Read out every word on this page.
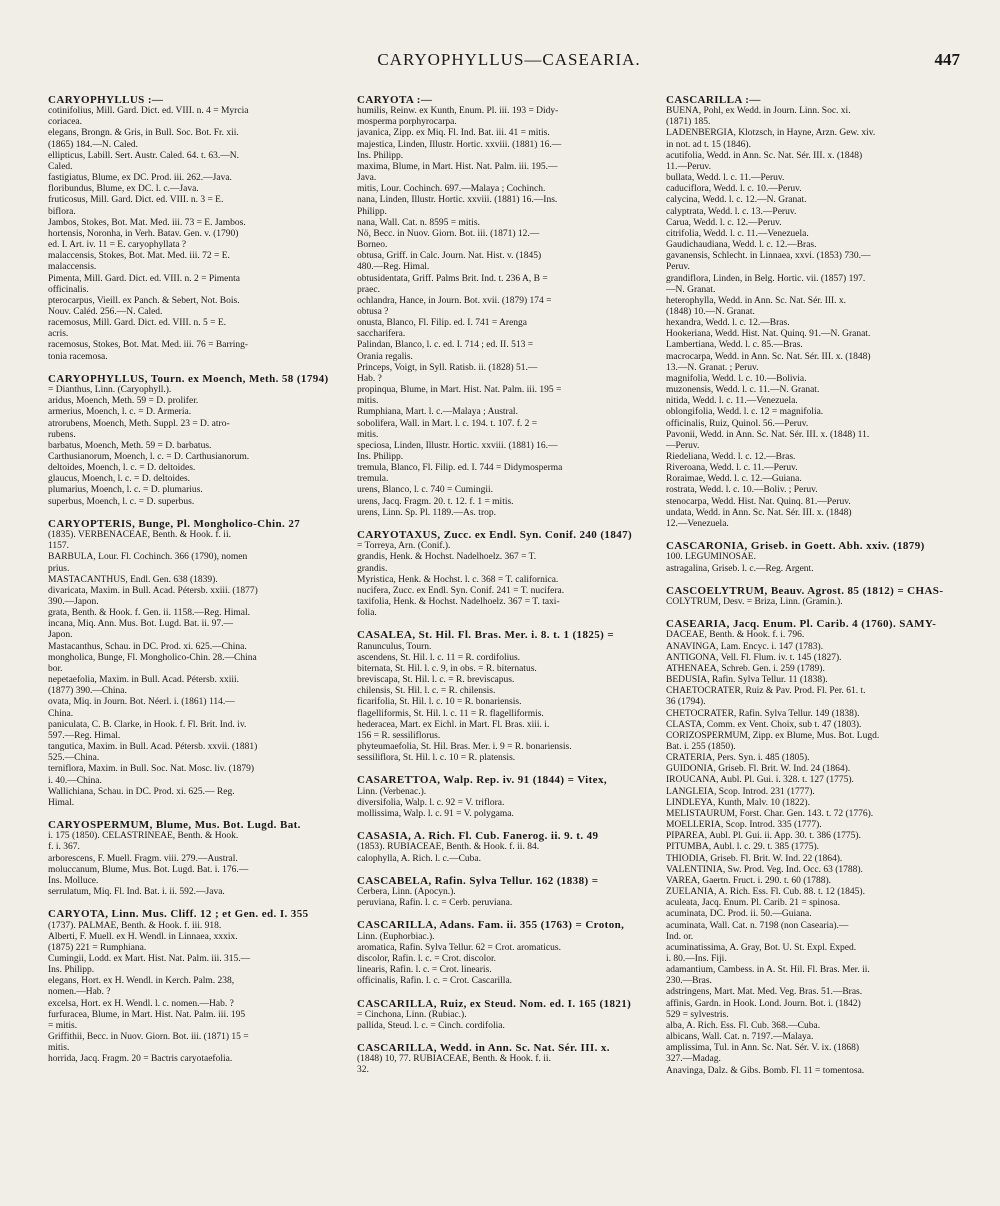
CARYOPHYLLUS—CASEARIA.	447
CARYOPHYLLUS :—
cotinifolius, Mill. Gard. Dict. ed. VIII. n. 4 = Myrcia
coriacea.
elegans, Brongn. & Gris, in Bull. Soc. Bot. Fr. xii.
(1865) 184.—N. Caled.
ellipticus, Labill. Sert. Austr. Caled. 64. t. 63.—N.
Caled.
fastigiatus, Blume, ex DC. Prod. iii. 262.—Java.
floribundus, Blume, ex DC. l. c.—Java.
fruticosus, Mill. Gard. Dict. ed. VIII. n. 3 = E.
biflora.
Jambos, Stokes, Bot. Mat. Med. iii. 73 = E. Jambos.
hortensis, Noronha, in Verh. Batav. Gen. v. (1790)
ed. I. Art. iv. 11 = E. caryophyllata ?
malaccensis, Stokes, Bot. Mat. Med. iii. 72 = E.
malaccensis.
Pimenta, Mill. Gard. Dict. ed. VIII. n. 2 = Pimenta
officinalis.
pterocarpus, Vieill. ex Panch. & Sebert, Not. Bois.
Nouv. Caléd. 256.—N. Caled.
racemosus, Mill. Gard. Dict. ed. VIII. n. 5 = E.
acris.
racemosus, Stokes, Bot. Mat. Med. iii. 76 = Barring-
tonia racemosa.
CARYOPHYLLUS, Tourn. ex Moench, Meth. 58 (1794)
= Dianthus, Linn. (Caryophyll.).
aridus, Moench, Meth. 59 = D. prolifer.
armerius, Moench, l. c. = D. Armeria.
atrorubens, Moench, Meth. Suppl. 23 = D. atro-
rubens.
barbatus, Moench, Meth. 59 = D. barbatus.
Carthusianorum, Moench, l. c. = D. Carthusianorum.
deltoides, Moench, l. c. = D. deltoides.
glaucus, Moench, l. c. = D. deltoides.
plumarius, Moench, l. c. = D. plumarius.
superbus, Moench, l. c. = D. superbus.
CARYOPTERIS, Bunge, Pl. Mongholico-Chin. 27
(1835). VERBENACEAE, Benth. & Hook. f. ii.
1157.
BARBULA, Lour. Fl. Cochinch. 366 (1790), nomen
prius.
MASTACANTHUS, Endl. Gen. 638 (1839).
divaricata, Maxim. in Bull. Acad. Pétersb. xxiii. (1877)
390.—Japon.
grata, Benth. & Hook. f. Gen. ii. 1158.—Reg. Himal.
incana, Miq. Ann. Mus. Bot. Lugd. Bat. ii. 97.—
Japon.
Mastacanthus, Schau. in DC. Prod. xi. 625.—China.
mongholica, Bunge, Fl. Mongholico-Chin. 28.—China
bor.
nepetaefolia, Maxim. in Bull. Acad. Pétersb. xxiii.
(1877) 390.—China.
ovata, Miq. in Journ. Bot. Néerl. i. (1861) 114.—
China.
paniculata, C. B. Clarke, in Hook. f. Fl. Brit. Ind. iv.
597.—Reg. Himal.
tangutica, Maxim. in Bull. Acad. Pétersb. xxvii. (1881)
525.—China.
terniflora, Maxim. in Bull. Soc. Nat. Mosc. liv. (1879)
i. 40.—China.
Wallichiana, Schau. in DC. Prod. xi. 625.— Reg.
Himal.
CARYOSPERMUM, Blume, Mus. Bot. Lugd. Bat.
i. 175 (1850). CELASTRINEAE, Benth. & Hook.
f. i. 367.
arborescens, F. Muell. Fragm. viii. 279.—Austral.
moluccanum, Blume, Mus. Bot. Lugd. Bat. i. 176.—
Ins. Molluce.
serrulatum, Miq. Fl. Ind. Bat. i. ii. 592.—Java.
CARYOTA, Linn. Mus. Cliff. 12 ; et Gen. ed. I. 355
(1737). PALMAE, Benth. & Hook. f. iii. 918.
Alberti, F. Muell. ex H. Wendl. in Linnaea, xxxix.
(1875) 221 = Rumphiana.
Cumingii, Lodd. ex Mart. Hist. Nat. Palm. iii. 315.—
Ins. Philipp.
elegans, Hort. ex H. Wendl. in Kerch. Palm. 238,
nomen.—Hab. ?
excelsa, Hort. ex H. Wendl. l. c. nomen.—Hab. ?
furfuracea, Blume, in Mart. Hist. Nat. Palm. iii. 195
= mitis.
Griffithii, Becc. in Nuov. Giorn. Bot. iii. (1871) 15 =
mitis.
horrida, Jacq. Fragm. 20 = Bactris caryotaefolia.
CARYOTA :—
humilis, Reinw. ex Kunth, Enum. Pl. iii. 193 = Didy-
mosperma porphyrocarpa.
javanica, Zipp. ex Miq. Fl. Ind. Bat. iii. 41 = mitis.
majestica, Linden, Illustr. Hortic. xxviii. (1881) 16.—
Ins. Philipp.
maxima, Blume, in Mart. Hist. Nat. Palm. iii. 195.—
Java.
mitis, Lour. Cochinch. 697.—Malaya ; Cochinch.
nana, Linden, Illustr. Hortic. xxviii. (1881) 16.—Ins.
Philipp.
nana, Wall. Cat. n. 8595 = mitis.
Nö, Becc. in Nuov. Giorn. Bot. iii. (1871) 12.—
Borneo.
obtusa, Griff. in Calc. Journ. Nat. Hist. v. (1845)
480.—Reg. Himal.
obtusidentata, Griff. Palms Brit. Ind. t. 236 A, B =
praec.
ochlandra, Hance, in Journ. Bot. xvii. (1879) 174 =
obtusa ?
onusta, Blanco, Fl. Filip. ed. I. 741 = Arenga
saccharifera.
Palindan, Blanco, l. c. ed. I. 714 ; ed. II. 513 =
Orania regalis.
Princeps, Voigt, in Syll. Ratisb. ii. (1828) 51.—
Hab. ?
propinqua, Blume, in Mart. Hist. Nat. Palm. iii. 195 =
mitis.
Rumphiana, Mart. l. c.—Malaya ; Austral.
sobolifera, Wall. in Mart. l. c. 194. t. 107. f. 2 =
mitis.
speciosa, Linden, Illustr. Hortic. xxviii. (1881) 16.—
Ins. Philipp.
tremula, Blanco, Fl. Filip. ed. I. 744 = Didymosperma
tremula.
urens, Blanco, l. c. 740 = Cumingii.
urens, Jacq. Fragm. 20. t. 12. f. 1 = mitis.
urens, Linn. Sp. Pl. 1189.—As. trop.
CARYOTAXUS, Zucc. ex Endl. Syn. Conif. 240 (1847)
= Torreya, Arn. (Conif.).
grandis, Henk. & Hochst. Nadelhoelz. 367 = T.
grandis.
Myristica, Henk. & Hochst. l. c. 368 = T. californica.
nucifera, Zucc. ex Endl. Syn. Conif. 241 = T. nucifera.
taxifolia, Henk. & Hochst. Nadelhoelz. 367 = T. taxi-
folia.
CASALEA, St. Hil. Fl. Bras. Mer. i. 8. t. 1 (1825) =
Ranunculus, Tourn.
ascendens, St. Hil. l. c. 11 = R. cordifolius.
biternata, St. Hil. l. c. 9, in obs. = R. biternatus.
breviscapa, St. Hil. l. c. = R. breviscapus.
chilensis, St. Hil. l. c. = R. chilensis.
ficarifolia, St. Hil. l. c. 10 = R. bonariensis.
flagelliformis, St. Hil. l. c. 11 = R. flagelliformis.
hederacea, Mart. ex Eichl. in Mart. Fl. Bras. xiii. i.
156 = R. sessiliflorus.
phyteumaefolia, St. Hil. Bras. Mer. i. 9 = R. bonariensis.
sessiliflora, St. Hil. l. c. 10 = R. platensis.
CASARETTOA, Walp. Rep. iv. 91 (1844) = Vitex,
Linn. (Verbenac.).
diversifolia, Walp. l. c. 92 = V. triflora.
mollissima, Walp. l. c. 91 = V. polygama.
CASASIA, A. Rich. Fl. Cub. Fanerog. ii. 9. t. 49
(1853). RUBIACEAE, Benth. & Hook. f. ii. 84.
calophylla, A. Rich. l. c.—Cuba.
CASCABELA, Rafin. Sylva Tellur. 162 (1838) =
Cerbera, Linn. (Apocyn.).
peruviana, Rafin. l. c. = Cerb. peruviana.
CASCARILLA, Adans. Fam. ii. 355 (1763) = Croton,
Linn. (Euphorbiac.).
aromatica, Rafin. Sylva Tellur. 62 = Crot. aromaticus.
discolor, Rafin. l. c. = Crot. discolor.
linearis, Rafin. l. c. = Crot. linearis.
officinalis, Rafin. l. c. = Crot. Cascarilla.
CASCARILLA, Ruiz, ex Steud. Nom. ed. I. 165 (1821)
= Cinchona, Linn. (Rubiac.).
pallida, Steud. l. c. = Cinch. cordifolia.
CASCARILLA, Wedd. in Ann. Sc. Nat. Sér. III. x.
(1848) 10, 77. RUBIACEAE, Benth. & Hook. f. ii.
32.
CASCARILLA :—
BUENA, Pohl, ex Wedd. in Journ. Linn. Soc. xi.
(1871) 185.
LADENBERGIA, Klotzsch, in Hayne, Arzn. Gew. xiv.
in not. ad t. 15 (1846).
acutifolia, Wedd. in Ann. Sc. Nat. Sér. III. x. (1848)
11.—Peruv.
bullata, Wedd. l. c. 11.—Peruv.
caduciflora, Wedd. l. c. 10.—Peruv.
calycina, Wedd. l. c. 12.—N. Granat.
calyptrata, Wedd. l. c. 13.—Peruv.
Carua, Wedd. l. c. 12.—Peruv.
citrifolia, Wedd. l. c. 11.—Venezuela.
Gaudichaudiana, Wedd. l. c. 12.—Bras.
gavanensis, Schlecht. in Linnaea, xxvi. (1853) 730.—
Peruv.
grandiflora, Linden, in Belg. Hortic. vii. (1857) 197.
—N. Granat.
heterophylla, Wedd. in Ann. Sc. Nat. Sér. III. x.
(1848) 10.—N. Granat.
hexandra, Wedd. l. c. 12.—Bras.
Hookeriana, Wedd. Hist. Nat. Quinq. 91.—N. Granat.
Lambertiana, Wedd. l. c. 85.—Bras.
macrocarpa, Wedd. in Ann. Sc. Nat. Sér. III. x. (1848)
13.—N. Granat. ; Peruv.
magnifolia, Wedd. l. c. 10.—Bolivia.
muzonensis, Wedd. l. c. 11.—N. Granat.
nitida, Wedd. l. c. 11.—Venezuela.
oblongifolia, Wedd. l. c. 12 = magnifolia.
officinalis, Ruiz, Quinol. 56.—Peruv.
Pavonii, Wedd. in Ann. Sc. Nat. Sér. III. x. (1848) 11.
—Peruv.
Riedeliana, Wedd. l. c. 12.—Bras.
Riveroana, Wedd. l. c. 11.—Peruv.
Roraimae, Wedd. l. c. 12.—Guiana.
rostrata, Wedd. l. c. 10.—Boliv. ; Peruv.
stenocarpa, Wedd. Hist. Nat. Quinq. 81.—Peruv.
undata, Wedd. in Ann. Sc. Nat. Sér. III. x. (1848)
12.—Venezuela.
CASCARONIA, Griseb. in Goett. Abh. xxiv. (1879)
100. LEGUMINOSAE.
astragalina, Griseb. l. c.—Reg. Argent.
CASCOELYTRUM, Beauv. Agrost. 85 (1812) = CHAS-
COLYTRUM, Desv. = Briza, Linn. (Gramin.).
CASEARIA, Jacq. Enum. Pl. Carib. 4 (1760). SAMY-
DACEAE, Benth. & Hook. f. i. 796.
ANAVINGA, Lam. Encyc. i. 147 (1783).
ANTIGONA, Vell. Fl. Flum. iv. t. 145 (1827).
ATHENAEA, Schreb. Gen. i. 259 (1789).
BEDUSIA, Rafin. Sylva Tellur. 11 (1838).
CHAETOCRATER, Ruiz & Pav. Prod. Fl. Per. 61. t.
36 (1794).
CHETOCRATER, Rafin. Sylva Tellur. 149 (1838).
CLASTA, Comm. ex Vent. Choix, sub t. 47 (1803).
CORIZOSPERMUM, Zipp. ex Blume, Mus. Bot. Lugd.
Bat. i. 255 (1850).
CRATERIA, Pers. Syn. i. 485 (1805).
GUIDONIA, Griseb. Fl. Brit. W. Ind. 24 (1864).
IROUCANA, Aubl. Pl. Gui. i. 328. t. 127 (1775).
LANGLEIA, Scop. Introd. 231 (1777).
LINDLEYA, Kunth, Malv. 10 (1822).
MELISTAURUM, Forst. Char. Gen. 143. t. 72 (1776).
MOELLERIA, Scop. Introd. 335 (1777).
PIPAREA, Aubl. Pl. Gui. ii. App. 30. t. 386 (1775).
PITUMBA, Aubl. l. c. 29. t. 385 (1775).
THIODIA, Griseb. Fl. Brit. W. Ind. 22 (1864).
VALENTINIA, Sw. Prod. Veg. Ind. Occ. 63 (1788).
VAREA, Gaertn. Fruct. i. 290. t. 60 (1788).
ZUELANIA, A. Rich. Ess. Fl. Cub. 88. t. 12 (1845).
aculeata, Jacq. Enum. Pl. Carib. 21 = spinosa.
acuminata, DC. Prod. ii. 50.—Guiana.
acuminata, Wall. Cat. n. 7198 (non Casearia).—
Ind. or.
acuminatissima, A. Gray, Bot. U. St. Expl. Exped.
i. 80.—Ins. Fiji.
adamantium, Cambess. in A. St. Hil. Fl. Bras. Mer. ii.
230.—Bras.
adstringens, Mart. Mat. Med. Veg. Bras. 51.—Bras.
affinis, Gardn. in Hook. Lond. Journ. Bot. i. (1842)
529 = sylvestris.
alba, A. Rich. Ess. Fl. Cub. 368.—Cuba.
albicans, Wall. Cat. n. 7197.—Malaya.
amplissima, Tul. in Ann. Sc. Nat. Sér. V. ix. (1868)
327.—Madag.
Anavinga, Dalz. & Gibs. Bomb. Fl. 11 = tomentosa.
